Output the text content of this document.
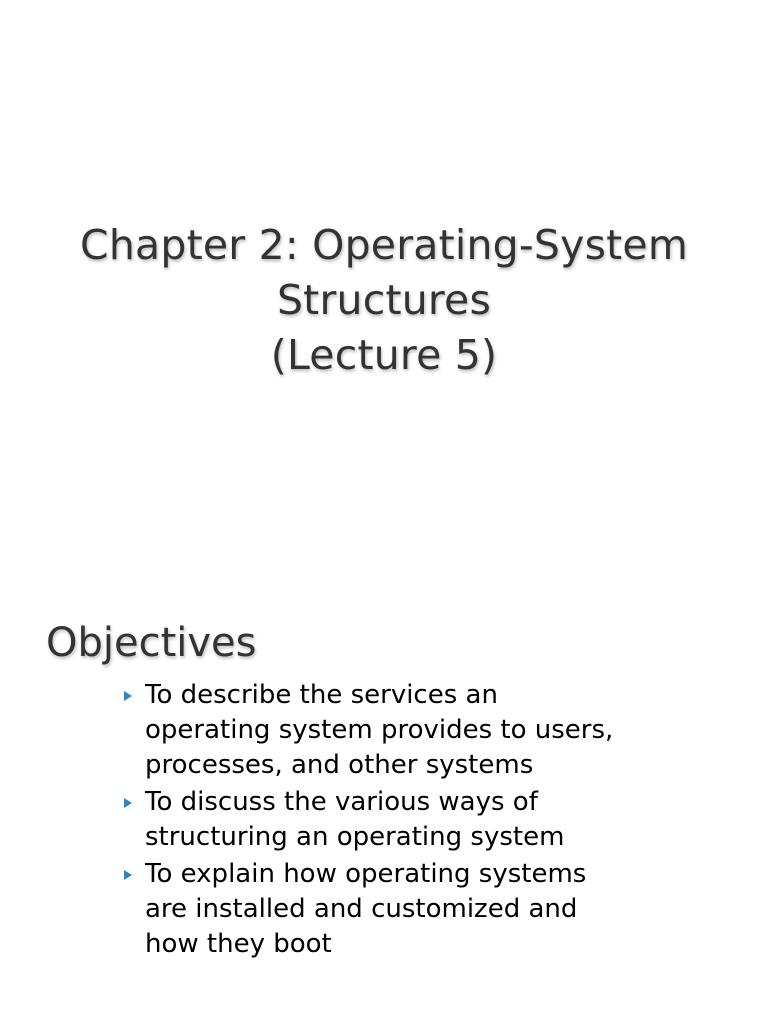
Chapter 2: Operating-System
Structures
(Lecture 5)
Objectives
To describe the services an
operating system provides to users,
processes, and other systems
To discuss the various ways of
structuring an operating system
To explain how operating systems
are installed and customized and
how they boot
